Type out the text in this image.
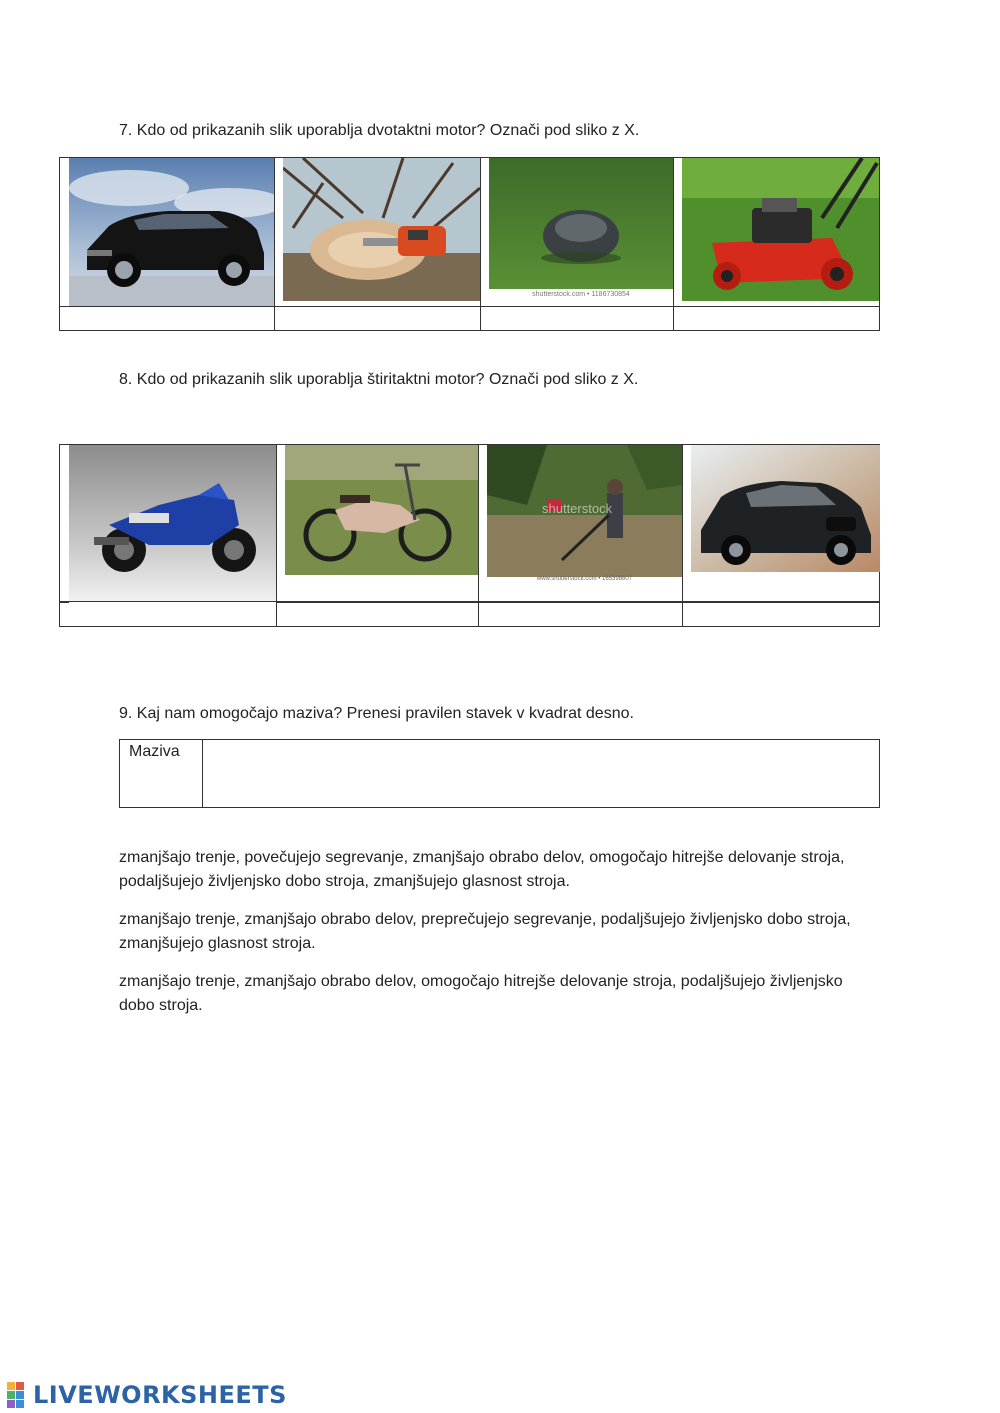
7. Kdo od prikazanih slik uporablja dvotaktni motor? Označi pod sliko z X.
shutterstock.com • 1186730854
8. Kdo od prikazanih slik uporablja štiritaktni motor? Označi pod sliko z X.
shutterstock
www.shutterstock.com • 165398807
9. Kaj nam omogočajo maziva? Prenesi pravilen stavek v kvadrat desno.
Maziva
zmanjšajo trenje, povečujejo segrevanje, zmanjšajo obrabo delov, omogočajo hitrejše delovanje stroja, podaljšujejo življenjsko dobo stroja, zmanjšujejo glasnost stroja.
zmanjšajo trenje, zmanjšajo obrabo delov, preprečujejo segrevanje, podaljšujejo življenjsko dobo stroja, zmanjšujejo glasnost stroja.
zmanjšajo trenje, zmanjšajo obrabo delov, omogočajo hitrejše delovanje stroja, podaljšujejo življenjsko dobo stroja.
LIVEWORKSHEETS
